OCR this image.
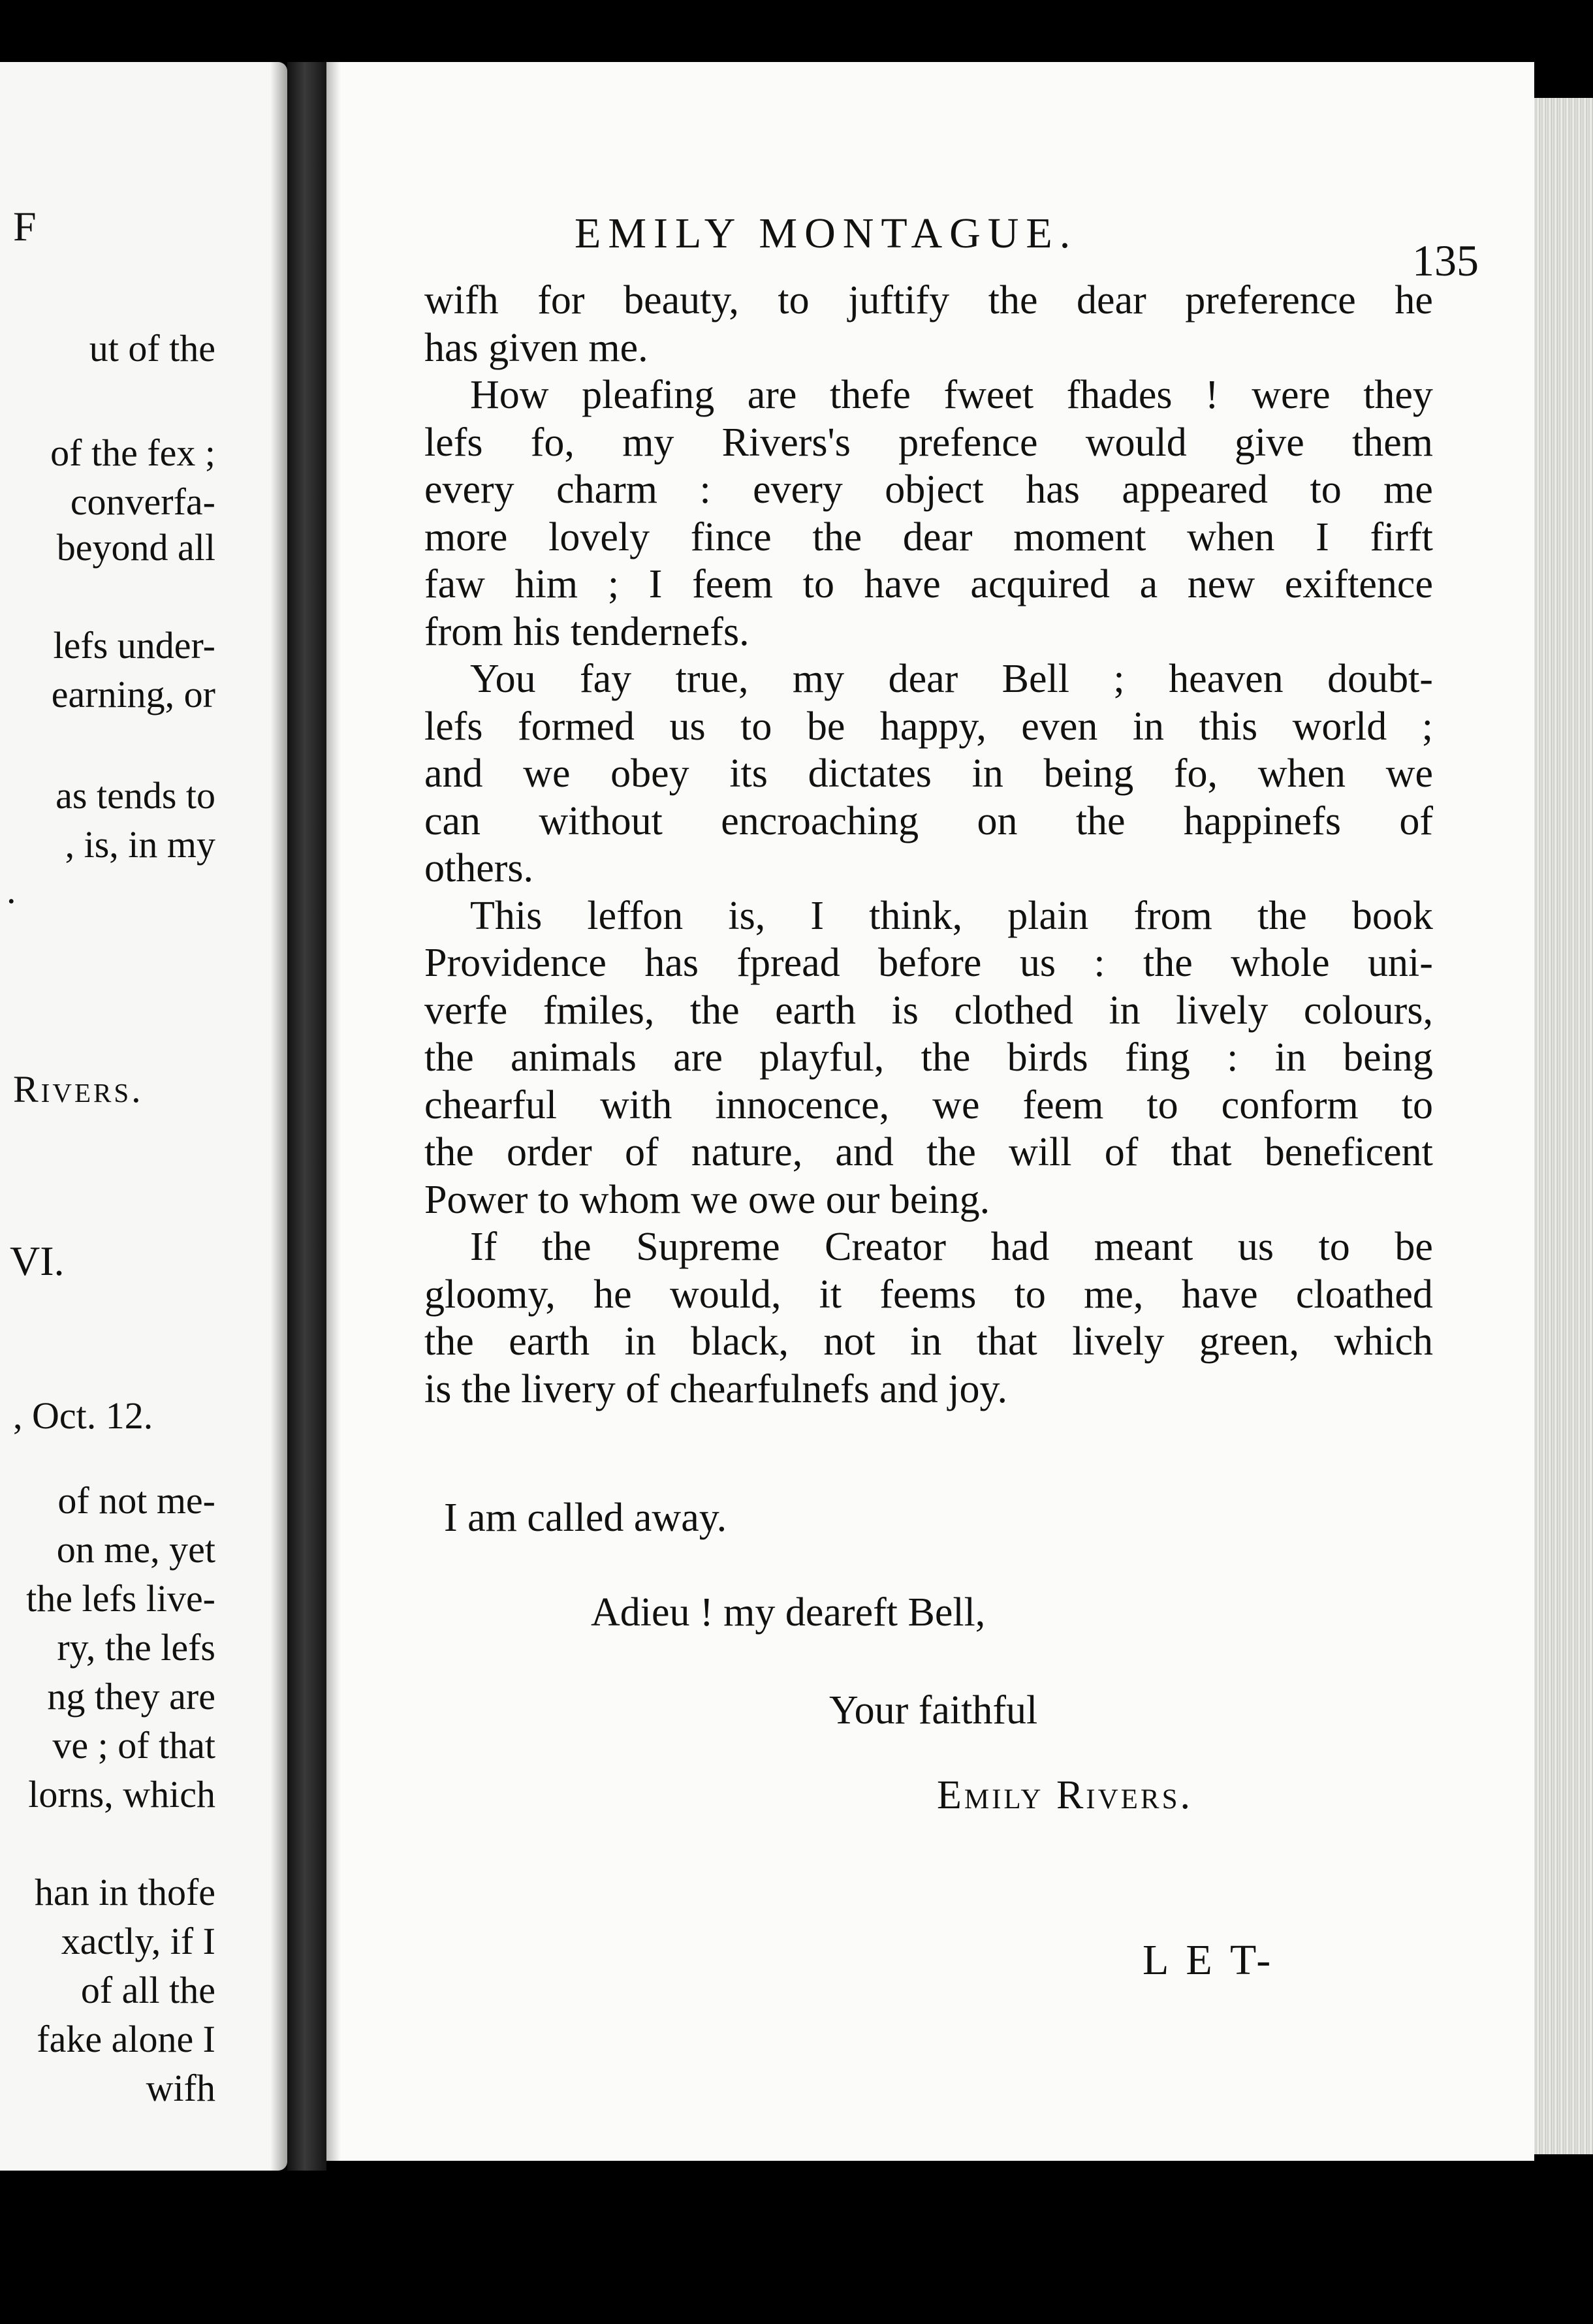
F
ut of the
of the fex ;
converfa-
beyond all
lefs under-
earning, or
as tends to
, is, in my
.
Rivers.
VI.
, Oct. 12.
of not me-
on me, yet
the lefs live-
ry, the lefs
ng they are
ve ; of that
lorns, which
han in thofe
xactly, if I
of all the
fake alone I
wifh
EMILY MONTAGUE.
135
wifh for beauty, to juftify the dear preference he
has given me.
How pleafing are thefe fweet fhades ! were they
lefs fo, my Rivers's prefence would give them
every charm : every object has appeared to me
more lovely fince the dear moment when I firft
faw him ; I feem to have acquired a new exiftence
from his tendernefs.
You fay true, my dear Bell ; heaven doubt-
lefs formed us to be happy, even in this world ;
and we obey its dictates in being fo, when we
can without encroaching on the happinefs of
others.
This leffon is, I think, plain from the book
Providence has fpread before us : the whole uni-
verfe fmiles, the earth is clothed in lively colours,
the animals are playful, the birds fing : in being
chearful with innocence, we feem to conform to
the order of nature, and the will of that beneficent
Power to whom we owe our being.
If the Supreme Creator had meant us to be
gloomy, he would, it feems to me, have cloathed
the earth in black, not in that lively green, which
is the livery of chearfulnefs and joy.
I am called away.
Adieu ! my deareft Bell,
Your faithful
Emily Rivers.
L E T-
